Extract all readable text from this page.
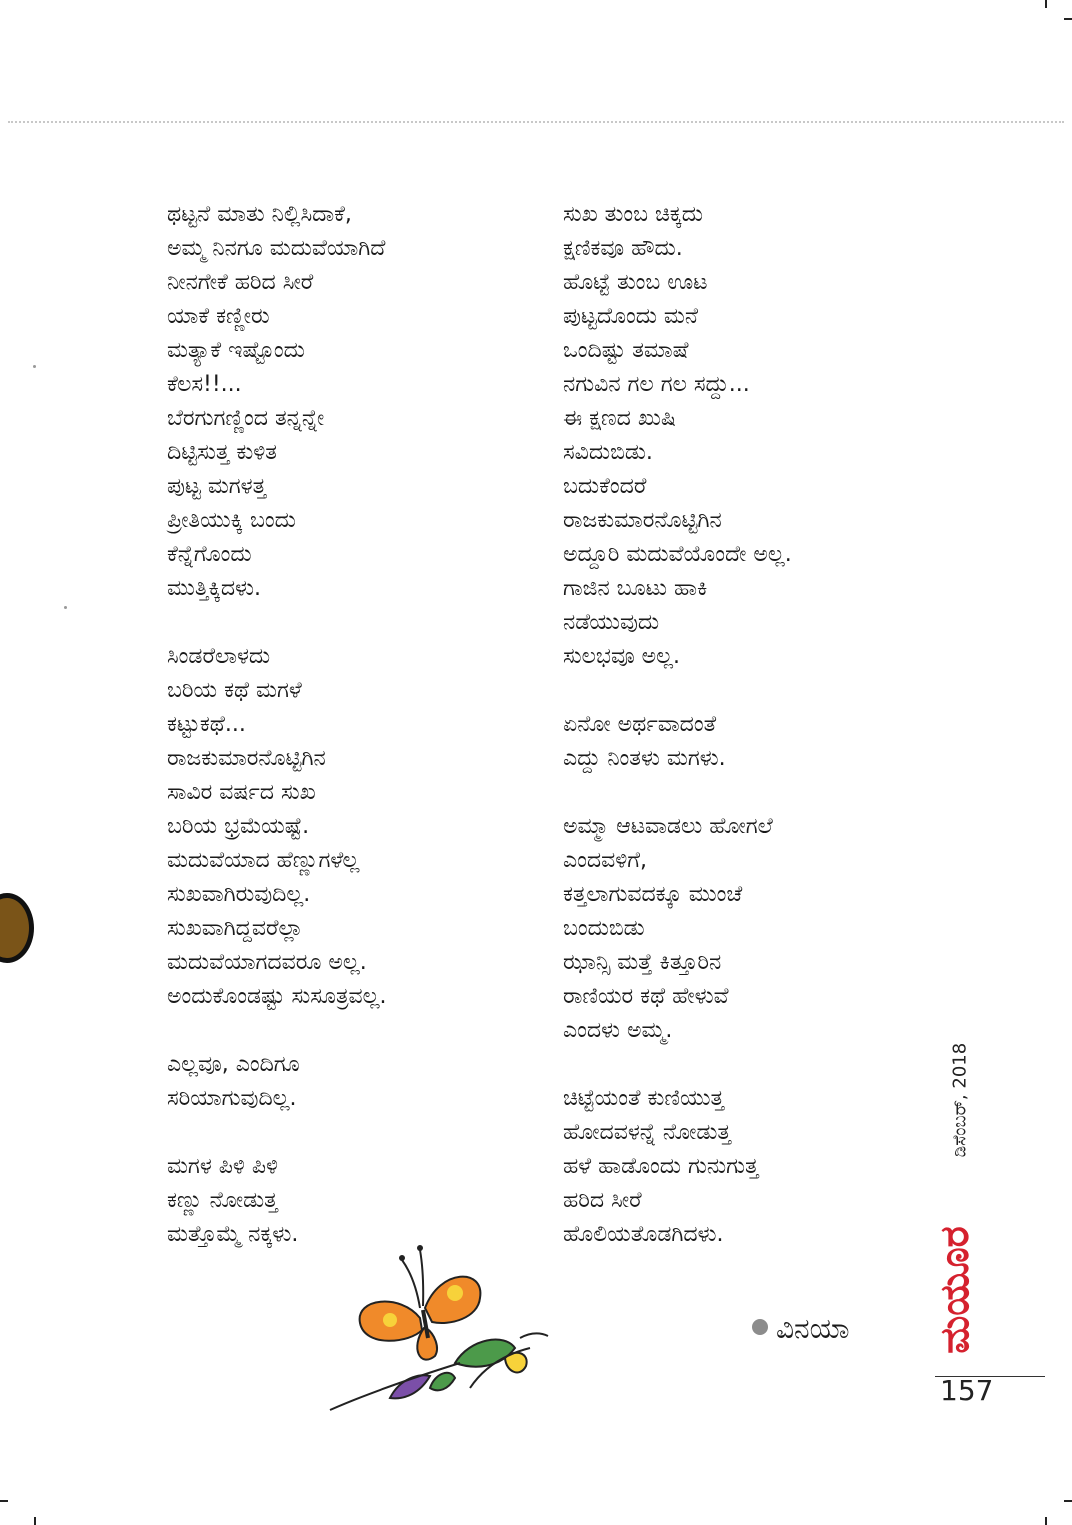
ಥಟ್ಟನೆ ಮಾತು ನಿಲ್ಲಿಸಿದಾಕೆ,
ಅಮ್ಮ ನಿನಗೂ ಮದುವೆಯಾಗಿದೆ
ನೀನಗೇಕೆ ಹರಿದ ಸೀರೆ
ಯಾಕೆ ಕಣ್ಣೀರು
ಮತ್ಯಾಕೆ ಇಷ್ಟೊಂದು
ಕೆಲಸ!!...
ಬೆರಗುಗಣ್ಣಿಂದ ತನ್ನನ್ನೇ
ದಿಟ್ಟಿಸುತ್ತ ಕುಳಿತ
ಪುಟ್ಟ ಮಗಳತ್ತ
ಪ್ರೀತಿಯುಕ್ಕಿ ಬಂದು
ಕೆನ್ನೆಗೊಂದು
ಮುತ್ತಿಕ್ಕಿದಳು.
ಸಿಂಡರೆಲಾಳದು
ಬರಿಯ ಕಥೆ ಮಗಳೆ
ಕಟ್ಟುಕಥೆ...
ರಾಜಕುಮಾರನೊಟ್ಟಿಗಿನ
ಸಾವಿರ ವರ್ಷದ ಸುಖ
ಬರಿಯ ಭ್ರಮೆಯಷ್ಟೆ.
ಮದುವೆಯಾದ ಹೆಣ್ಣುಗಳೆಲ್ಲ
ಸುಖವಾಗಿರುವುದಿಲ್ಲ.
ಸುಖವಾಗಿದ್ದವರೆಲ್ಲಾ
ಮದುವೆಯಾಗದವರೂ ಅಲ್ಲ.
ಅಂದುಕೊಂಡಷ್ಟು ಸುಸೂತ್ರವಲ್ಲ.
ಎಲ್ಲವೂ, ಎಂದಿಗೂ
ಸರಿಯಾಗುವುದಿಲ್ಲ.
ಮಗಳ ಪಿಳಿ ಪಿಳಿ
ಕಣ್ಣು ನೋಡುತ್ತ
ಮತ್ತೊಮ್ಮೆ ನಕ್ಕಳು.
ಸುಖ ತುಂಬ ಚಿಕ್ಕದು
ಕ್ಷಣಿಕವೂ ಹೌದು.
ಹೊಟ್ಟೆ ತುಂಬ ಊಟ
ಪುಟ್ಟದೊಂದು ಮನೆ
ಒಂದಿಷ್ಟು ತಮಾಷೆ
ನಗುವಿನ ಗಲ ಗಲ ಸದ್ದು...
ಈ ಕ್ಷಣದ ಖುಷಿ
ಸವಿದುಬಿಡು.
ಬದುಕೆಂದರೆ
ರಾಜಕುಮಾರನೊಟ್ಟಿಗಿನ
ಅದ್ದೂರಿ ಮದುವೆಯೊಂದೇ ಅಲ್ಲ.
ಗಾಜಿನ ಬೂಟು ಹಾಕಿ
ನಡೆಯುವುದು
ಸುಲಭವೂ ಅಲ್ಲ.
ಏನೋ ಅರ್ಥವಾದಂತೆ
ಎದ್ದು ನಿಂತಳು ಮಗಳು.
ಅಮ್ಮಾ ಆಟವಾಡಲು ಹೋಗಲೆ
ಎಂದವಳಿಗೆ,
ಕತ್ತಲಾಗುವದಕ್ಕೂ ಮುಂಚೆ
ಬಂದುಬಿಡು
ಝಾನ್ಸಿ ಮತ್ತೆ ಕಿತ್ತೂರಿನ
ರಾಣಿಯರ ಕಥೆ ಹೇಳುವೆ
ಎಂದಳು ಅಮ್ಮ.
ಚಿಟ್ಟೆಯಂತೆ ಕುಣಿಯುತ್ತ
ಹೋದವಳನ್ನೆ ನೋಡುತ್ತ
ಹಳೆ ಹಾಡೊಂದು ಗುನುಗುತ್ತ
ಹರಿದ ಸೀರೆ
ಹೊಲಿಯತೊಡಗಿದಳು.
ವಿನಯಾ
ಡಿಸೆಂಬರ್, 2018
ಮಯೂರ
157
